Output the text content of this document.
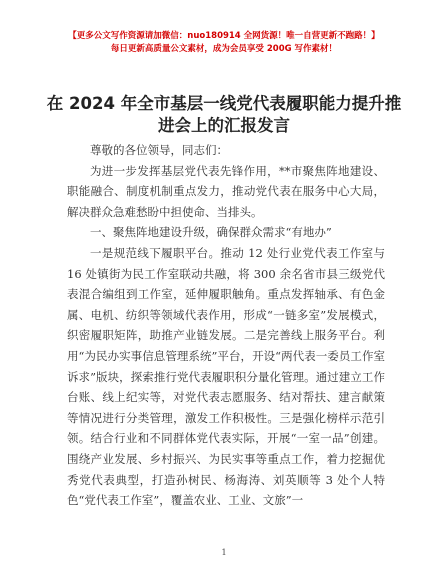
【更多公文写作资源请加微信：nuo180914 全网货源！唯一自营更新不跑路！】
每日更新高质量公文素材，成为会员享受 200G 写作素材！
在 2024 年全市基层一线党代表履职能力提升推进会上的汇报发言

尊敬的各位领导，同志们：

为进一步发挥基层党代表先锋作用，**市聚焦阵地建设、职能融合、制度机制重点发力，推动党代表在服务中心大局，解决群众急难愁盼中担使命、当排头。

一、聚焦阵地建设升级，确保群众需求“有地办”

一是规范线下履职平台。推动 12 处行业党代表工作室与 16 处镇街为民工作室联动共融，将 300 余名省市县三级党代表混合编组到工作室，延伸履职触角。重点发挥轴承、有色金属、电机、纺织等领域代表作用，形成“一链多室”发展模式，织密履职矩阵，助推产业链发展。二是完善线上服务平台。利用“为民办实事信息管理系统”平台，开设“两代表一委员工作室诉求”版块，探索推行党代表履职积分量化管理。通过建立工作台账、线上纪实等，对党代表志愿服务、结对帮扶、建言献策等情况进行分类管理，激发工作积极性。三是强化榜样示范引领。结合行业和不同群体党代表实际，开展“一室一品”创建。围绕产业发展、乡村振兴、为民实事等重点工作，着力挖掘优秀党代表典型，打造孙树民、杨海涛、刘英顺等 3 处个人特色“党代表工作室”，覆盖农业、工业、文旅”一

1
